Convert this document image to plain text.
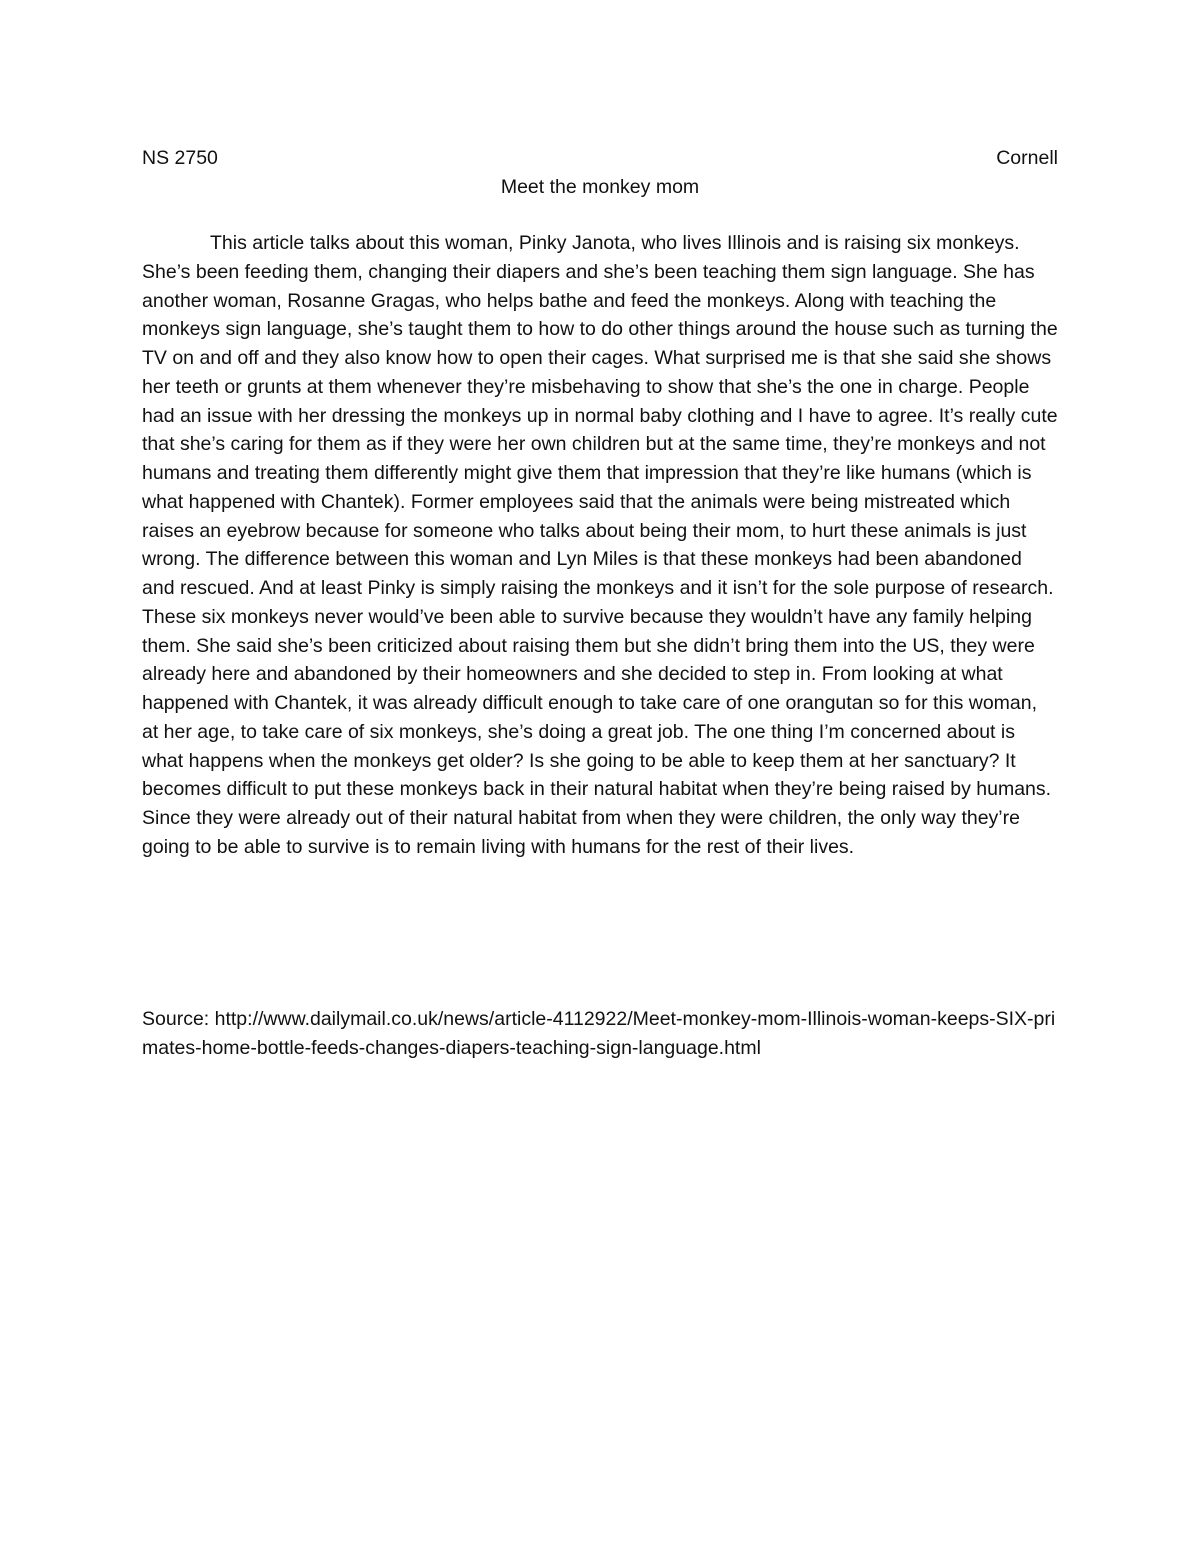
NS 2750	Cornell
Meet the monkey mom

This article talks about this woman, Pinky Janota, who lives Illinois and is raising six monkeys. She’s been feeding them, changing their diapers and she’s been teaching them sign language. She has another woman, Rosanne Gragas, who helps bathe and feed the monkeys. Along with teaching the monkeys sign language, she’s taught them to how to do other things around the house such as turning the TV on and off and they also know how to open their cages. What surprised me is that she said she shows her teeth or grunts at them whenever they’re misbehaving to show that she’s the one in charge. People had an issue with her dressing the monkeys up in normal baby clothing and I have to agree. It’s really cute that she’s caring for them as if they were her own children but at the same time, they’re monkeys and not humans and treating them differently might give them that impression that they’re like humans (which is what happened with Chantek). Former employees said that the animals were being mistreated which raises an eyebrow because for someone who talks about being their mom, to hurt these animals is just wrong. The difference between this woman and Lyn Miles is that these monkeys had been abandoned and rescued. And at least Pinky is simply raising the monkeys and it isn’t for the sole purpose of research. These six monkeys never would’ve been able to survive because they wouldn’t have any family helping them. She said she’s been criticized about raising them but she didn’t bring them into the US, they were already here and abandoned by their homeowners and she decided to step in. From looking at what happened with Chantek, it was already difficult enough to take care of one orangutan so for this woman, at her age, to take care of six monkeys, she’s doing a great job. The one thing I’m concerned about is what happens when the monkeys get older? Is she going to be able to keep them at her sanctuary? It becomes difficult to put these monkeys back in their natural habitat when they’re being raised by humans. Since they were already out of their natural habitat from when they were children, the only way they’re going to be able to survive is to remain living with humans for the rest of their lives.

Source: http://www.dailymail.co.uk/news/article-4112922/Meet-monkey-mom-Illinois-woman-keeps-SIX-primates-home-bottle-feeds-changes-diapers-teaching-sign-language.html
